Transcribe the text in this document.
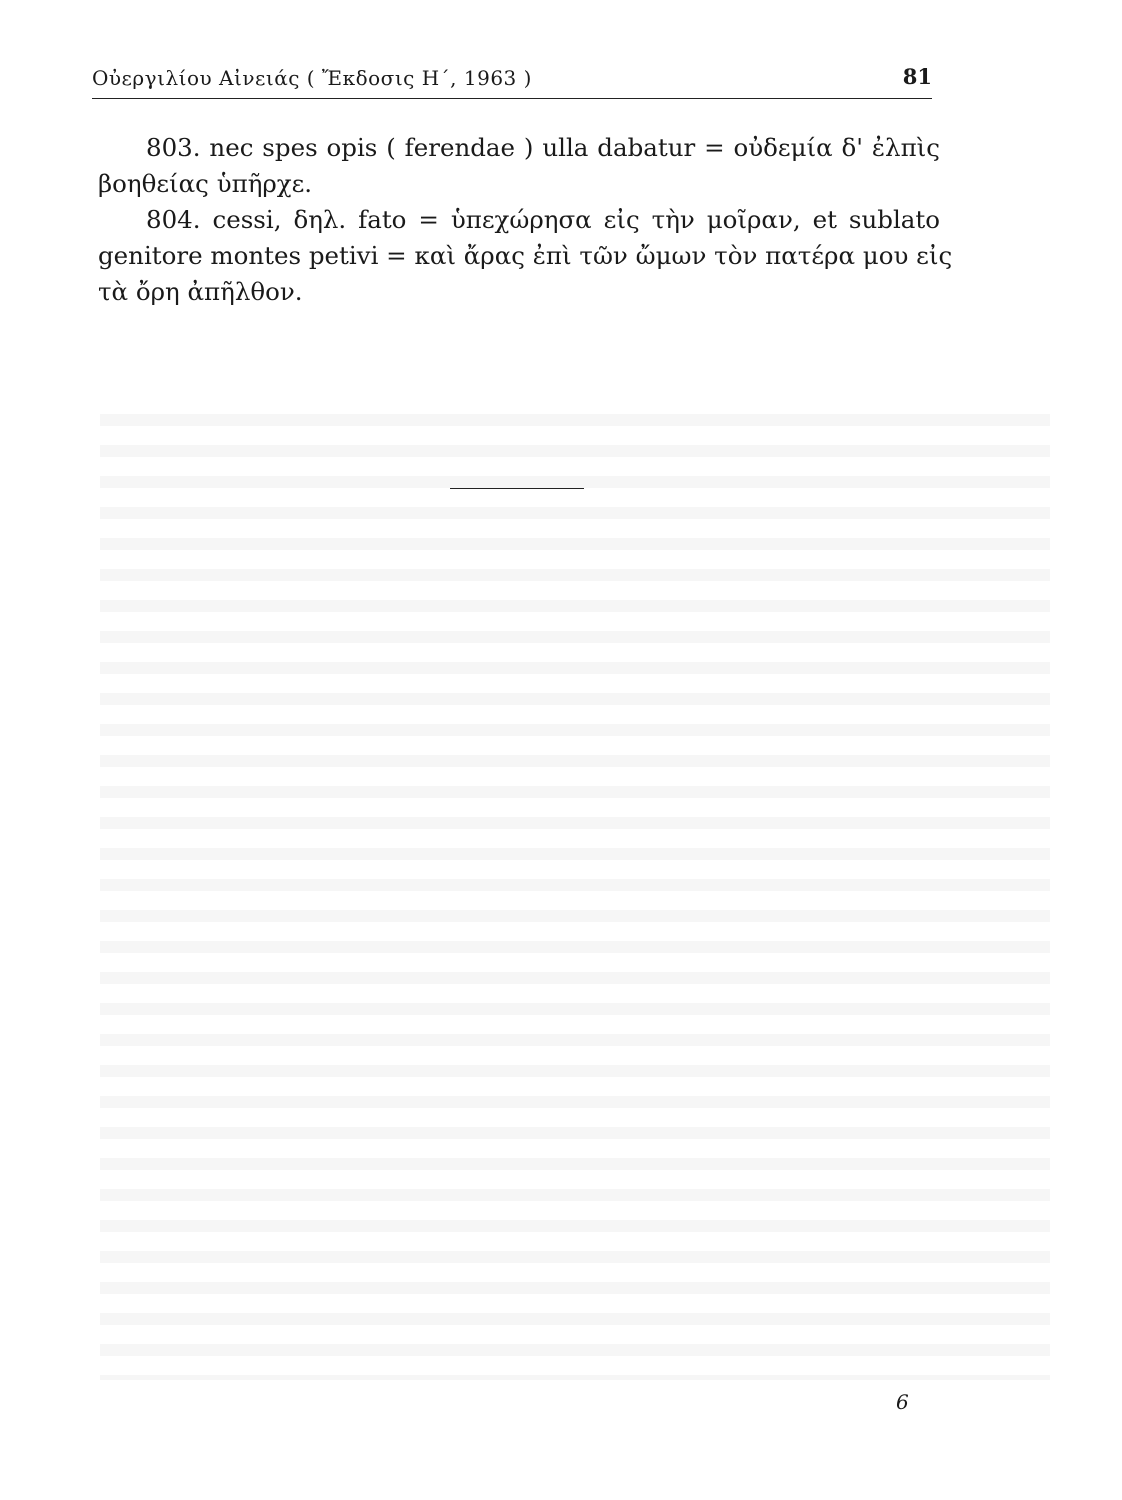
Οὐεργιλίου Αἰνειάς ( Ἔκδοσις Η΄, 1963 )	81
803. nec spes opis ( ferendae ) ulla dabatur = οὐδεμία δ' ἐλπὶς
βοηθείας ὑπῆρχε.
804. cessi, δηλ. fato = ὑπεχώρησα εἰς τὴν μοῖραν, et sublato
genitore montes petivi = καὶ ἄρας ἐπὶ τῶν ὤμων τὸν πατέρα μου εἰς
τὰ ὄρη ἀπῆλθον.
6
